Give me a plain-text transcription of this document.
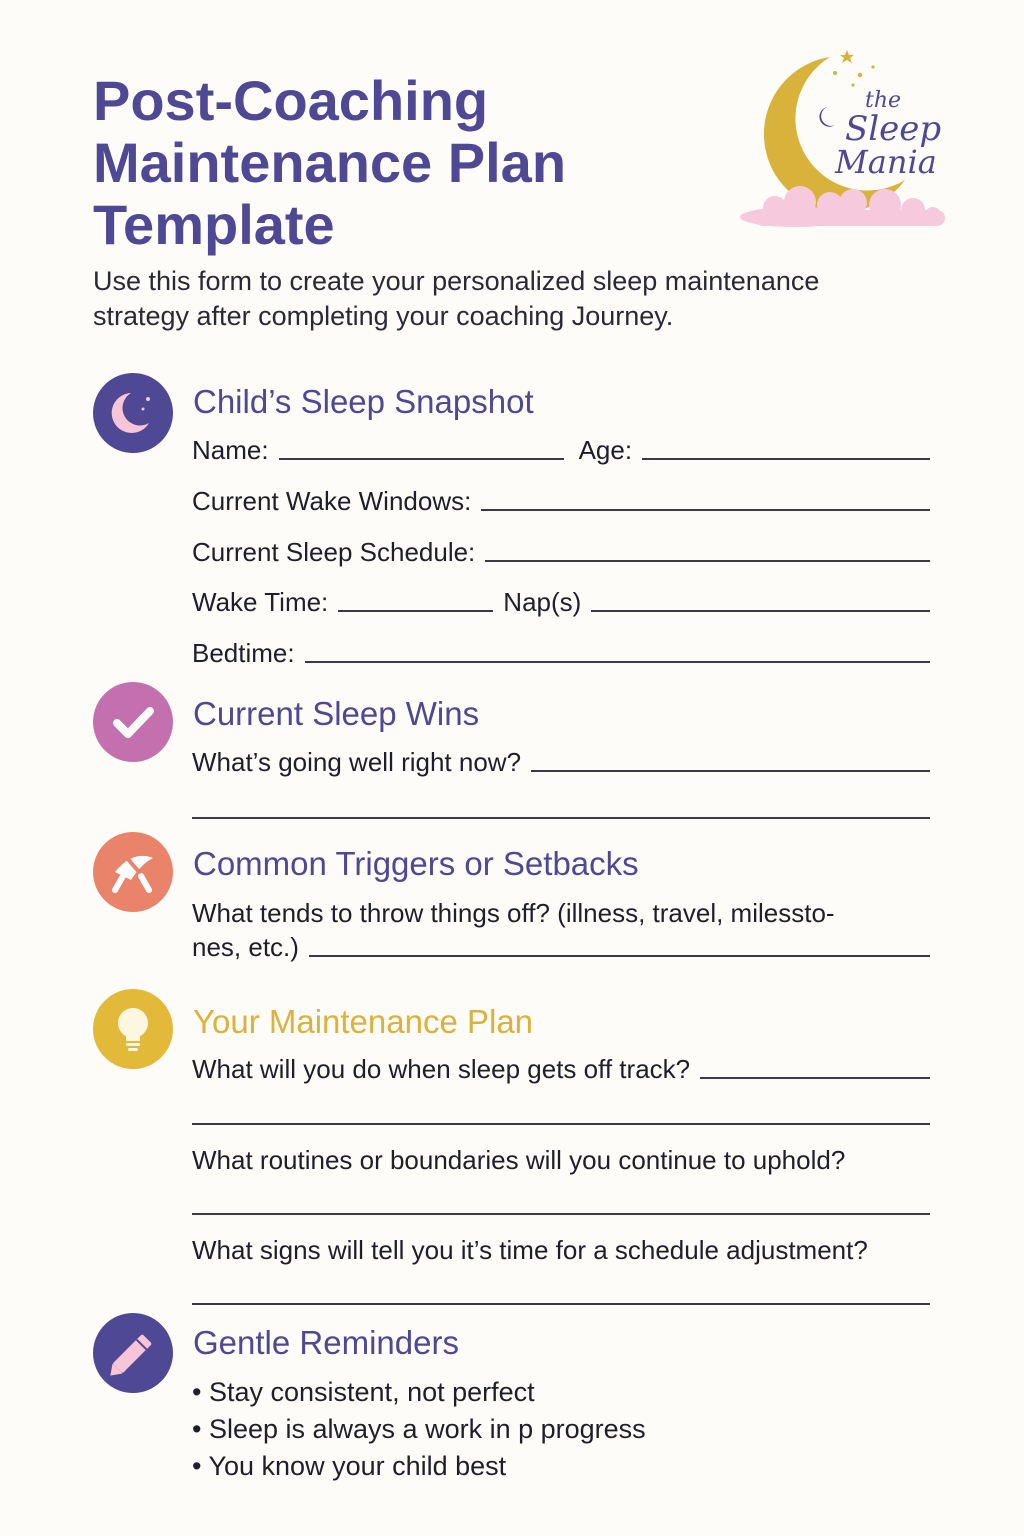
Post-Coaching
Maintenance Plan
Template
the
Sleep
Mania
Use this form to create your personalized sleep maintenance
strategy after completing your coaching Journey.
Child’s Sleep Snapshot
Name:	Age:
Current Wake Windows:
Current Sleep Schedule:
Wake Time:	Nap(s)
Bedtime:
Current Sleep Wins
What’s going well right now?
Common Triggers or Setbacks
What tends to throw things off? (illness, travel, milessto-
nes, etc.)
Your Maintenance Plan
What will you do when sleep gets off track?
What routines or boundaries will you continue to uphold?
What signs will tell you it’s time for a schedule adjustment?
Gentle Reminders
• Stay consistent, not perfect
• Sleep is always a work in p progress
• You know your child best
